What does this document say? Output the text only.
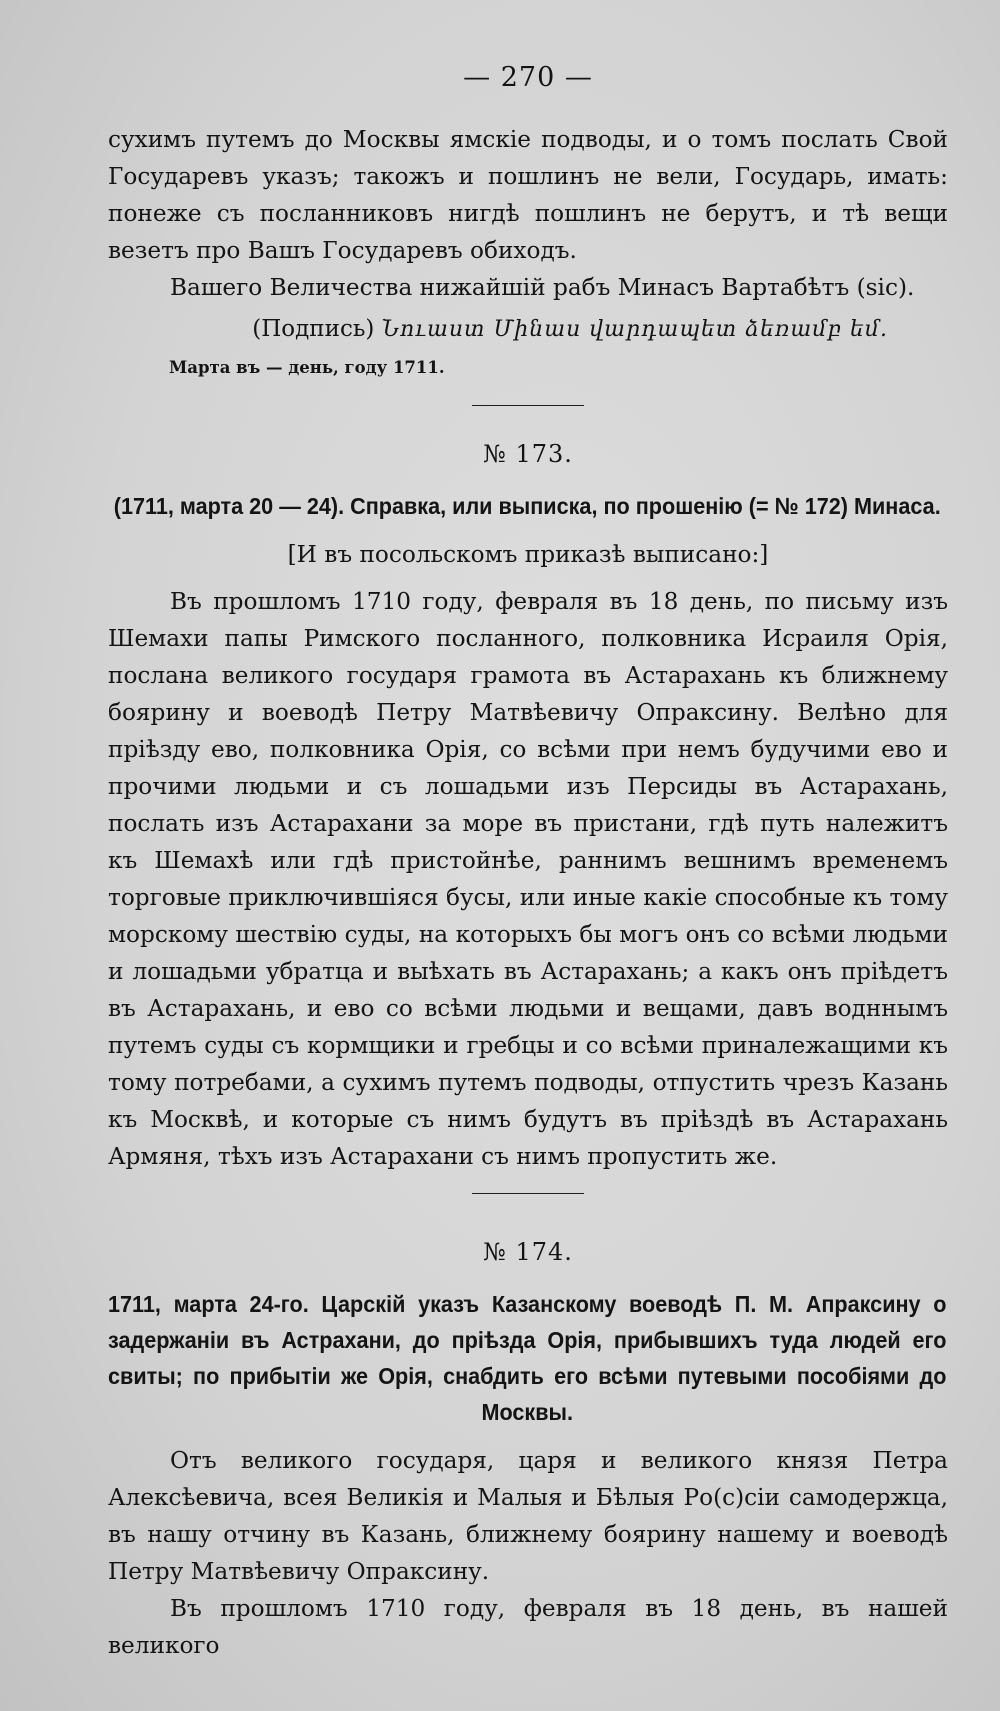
— 270 —

сухимъ путемъ до Москвы ямскіе подводы, и о томъ послать Свой Государевъ указъ; такожъ и пошлинъ не вели, Государь, имать: понеже съ посланниковъ нигдѣ пошлинъ не берутъ, и тѣ вещи везетъ про Вашъ Государевъ обиходъ.

Вашего Величества нижайшій рабъ Минасъ Вартабѣтъ (sic).

(Подпись) Նուաստ Մինաս վարդապետ ձեռամբ եմ.
Марта въ — день, году 1711.
№ 173.
(1711, марта 20 — 24). Справка, или выписка, по прошенію (= № 172) Минаса.
[И въ посольскомъ приказѣ выписано:]

Въ прошломъ 1710 году, февраля въ 18 день, по письму изъ Шемахи папы Римского посланного, полковника Исраиля Орія, послана великого государя грамота въ Астарахань къ ближнему боярину и воеводѣ Петру Матвѣевичу Опраксину. Велѣно для пріѣзду ево, полковника Орія, со всѣми при немъ будучими ево и прочими людьми и съ лошадьми изъ Персиды въ Астарахань, послать изъ Астарахани за море въ пристани, гдѣ путь належитъ къ Шемахѣ или гдѣ пристойнѣе, раннимъ вешнимъ временемъ торговые приключившіяся бусы, или иные какіе способные къ тому морскому шествію суды, на которыхъ бы могъ онъ со всѣми людьми и лошадьми убратца и выѣхать въ Астарахань; а какъ онъ пріѣдетъ въ Астарахань, и ево со всѣми людьми и вещами, давъ водннымъ путемъ суды съ кормщики и гребцы и со всѣми приналежащими къ тому потребами, а сухимъ путемъ подводы, отпустить чрезъ Казань къ Москвѣ, и которые съ нимъ будутъ въ пріѣздѣ въ Астарахань Армяня, тѣхъ изъ Астарахани съ нимъ пропустить же.

№ 174.
1711, марта 24-го. Царскій указъ Казанскому воеводѣ П. М. Апраксину о задержаніи въ Астрахани, до пріѣзда Орія, прибывшихъ туда людей его свиты; по прибытіи же Орія, снабдить его всѣми путевыми пособіями до Москвы.

Отъ великого государя, царя и великого князя Петра Алексѣевича, всея Великія и Малыя и Бѣлыя Ро(с)сіи самодержца, въ нашу отчину въ Казань, ближнему боярину нашему и воеводѣ Петру Матвѣевичу Опраксину.

Въ прошломъ 1710 году, февраля въ 18 день, въ нашей великого
